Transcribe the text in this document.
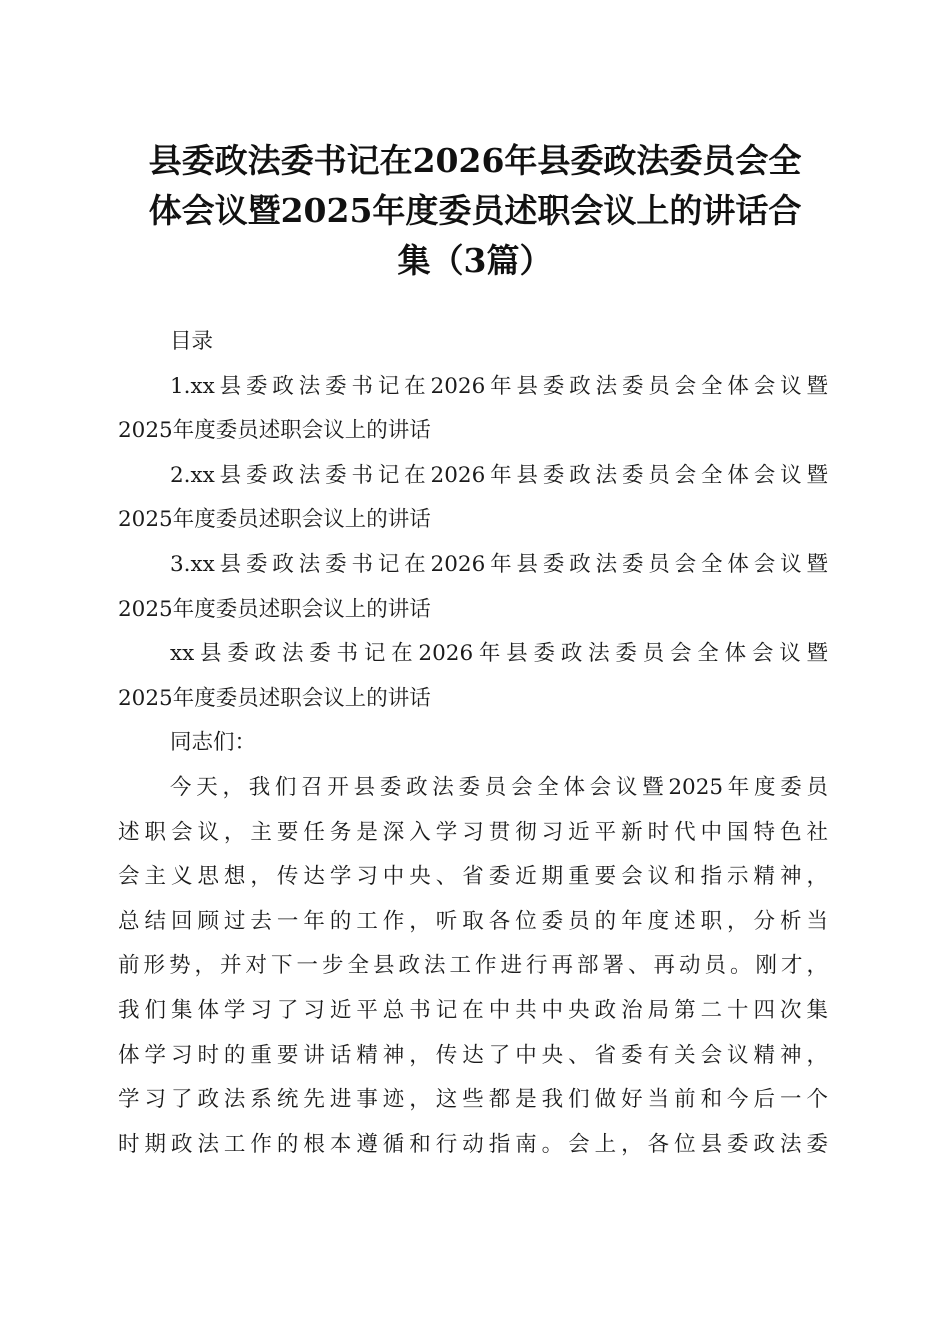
县委政法委书记在2026年县委政法委员会全
体会议暨2025年度委员述职会议上的讲话合
集（3篇）
目录
1.xx县委政法委书记在2026年县委政法委员会全体会议暨
2025年度委员述职会议上的讲话
2.xx县委政法委书记在2026年县委政法委员会全体会议暨
2025年度委员述职会议上的讲话
3.xx县委政法委书记在2026年县委政法委员会全体会议暨
2025年度委员述职会议上的讲话
xx县委政法委书记在2026年县委政法委员会全体会议暨
2025年度委员述职会议上的讲话
同志们：
今天，我们召开县委政法委员会全体会议暨2025年度委员
述职会议，主要任务是深入学习贯彻习近平新时代中国特色社
会主义思想，传达学习中央、省委近期重要会议和指示精神，
总结回顾过去一年的工作，听取各位委员的年度述职，分析当
前形势，并对下一步全县政法工作进行再部署、再动员。刚才，
我们集体学习了习近平总书记在中共中央政治局第二十四次集
体学习时的重要讲话精神，传达了中央、省委有关会议精神，
学习了政法系统先进事迹，这些都是我们做好当前和今后一个
时期政法工作的根本遵循和行动指南。会上，各位县委政法委
